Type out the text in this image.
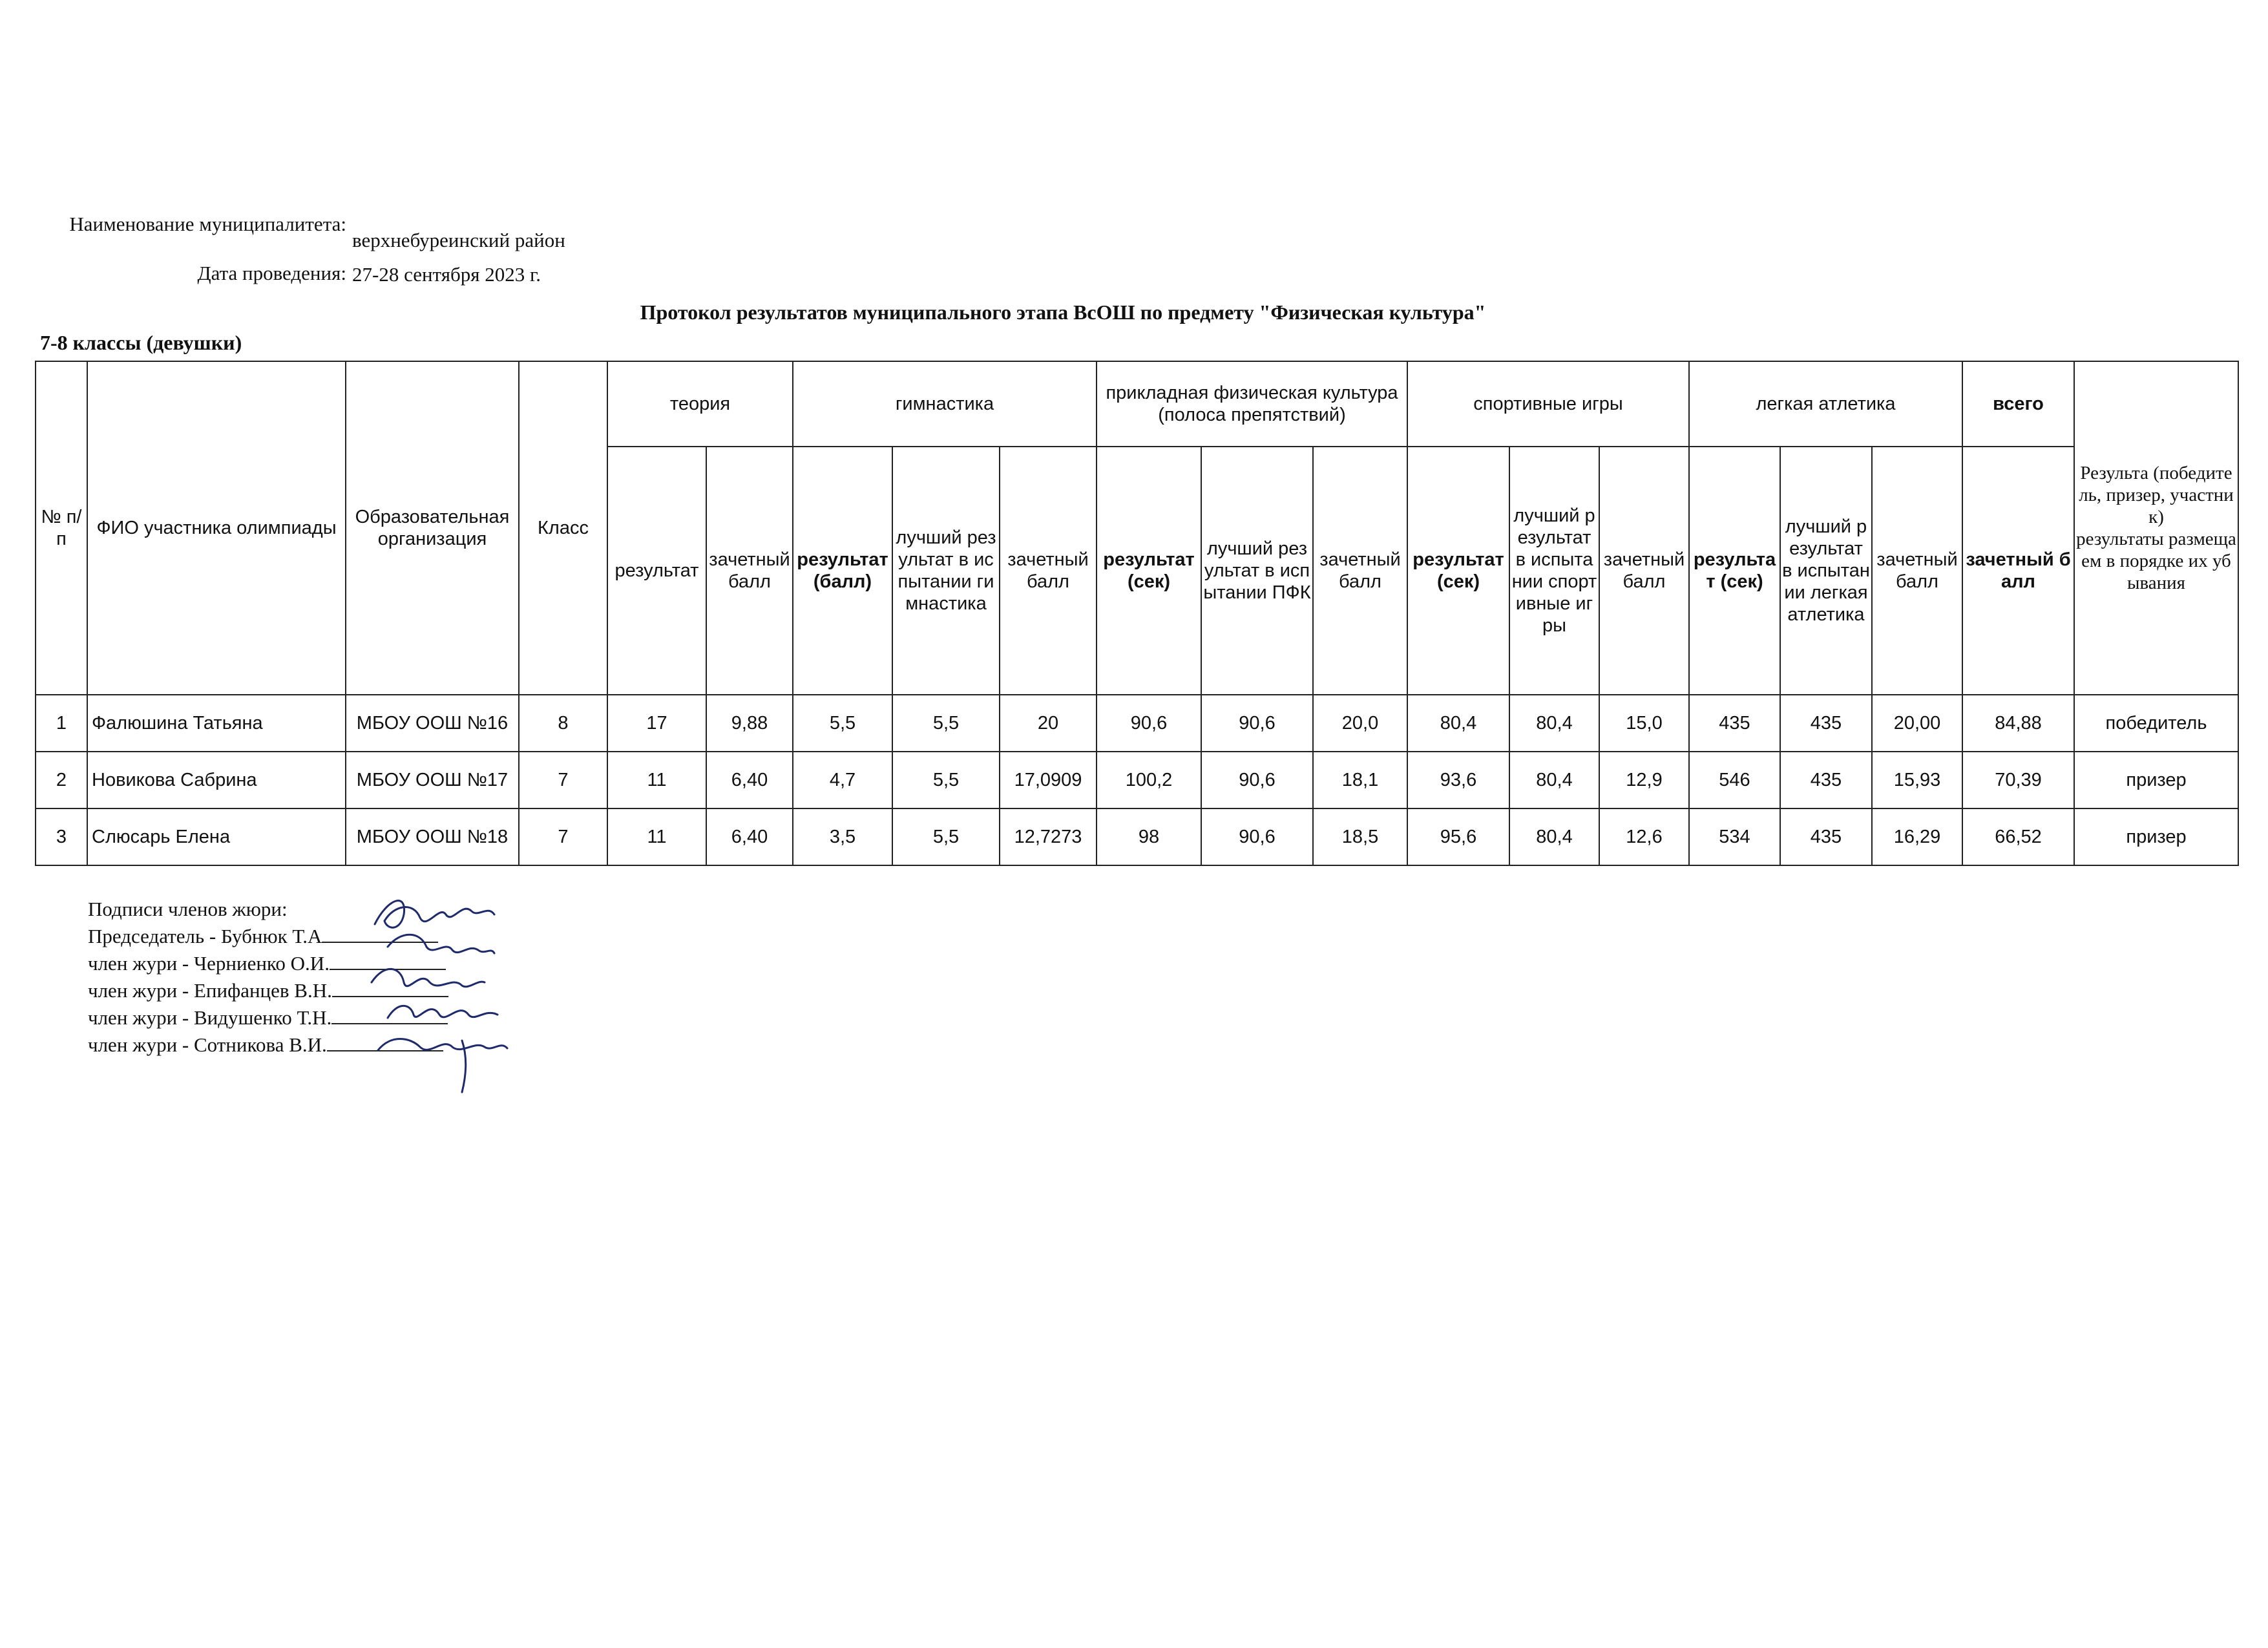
Наименование муниципалитета:
верхнебуреинский район
Дата проведения: 27-28 сентября 2023 г.
Протокол результатов муниципального этапа ВсОШ по предмету "Физическая культура"
7-8 классы (девушки)
№ п/п	ФИО участника олимпиады	Образовательная организация	Класс	теория		гимнастика			прикладная физическая культура (полоса препятствий)			спортивные игры			легкая атлетика			всего	Результа (победитель, призер, участник)
результаты размещаем в порядке их убывания

				результат	зачетный балл	результат (балл)	лучший результат в испытании гимнастика	зачетный балл	результат (сек)	лучший результат в испытании ПФК	зачетный балл	результат (сек)	лучший результат в испытании спортивные игры	зачетный балл	результат (сек)	лучший результат в испытании легкая атлетика	зачетный балл	зачетный балл	
1	Фалюшина Татьяна	МБОУ ООШ №16	8	17	9,88	5,5	5,5	20	90,6	90,6	20,0	80,4	80,4	15,0	435	435	20,00	84,88	победитель
2	Новикова Сабрина	МБОУ ООШ №17	7	11	6,40	4,7	5,5	17,0909	100,2	90,6	18,1	93,6	80,4	12,9	546	435	15,93	70,39	призер
3	Слюсарь Елена	МБОУ ООШ №18	7	11	6,40	3,5	5,5	12,7273	98	90,6	18,5	95,6	80,4	12,6	534	435	16,29	66,52	призер
Подписи членов жюри:
Председатель - Бубнюк Т.А
член жури - Черниенко О.И.
член жури - Епифанцев В.Н.
член жури - Видушенко Т.Н.
член жури - Сотникова В.И.
